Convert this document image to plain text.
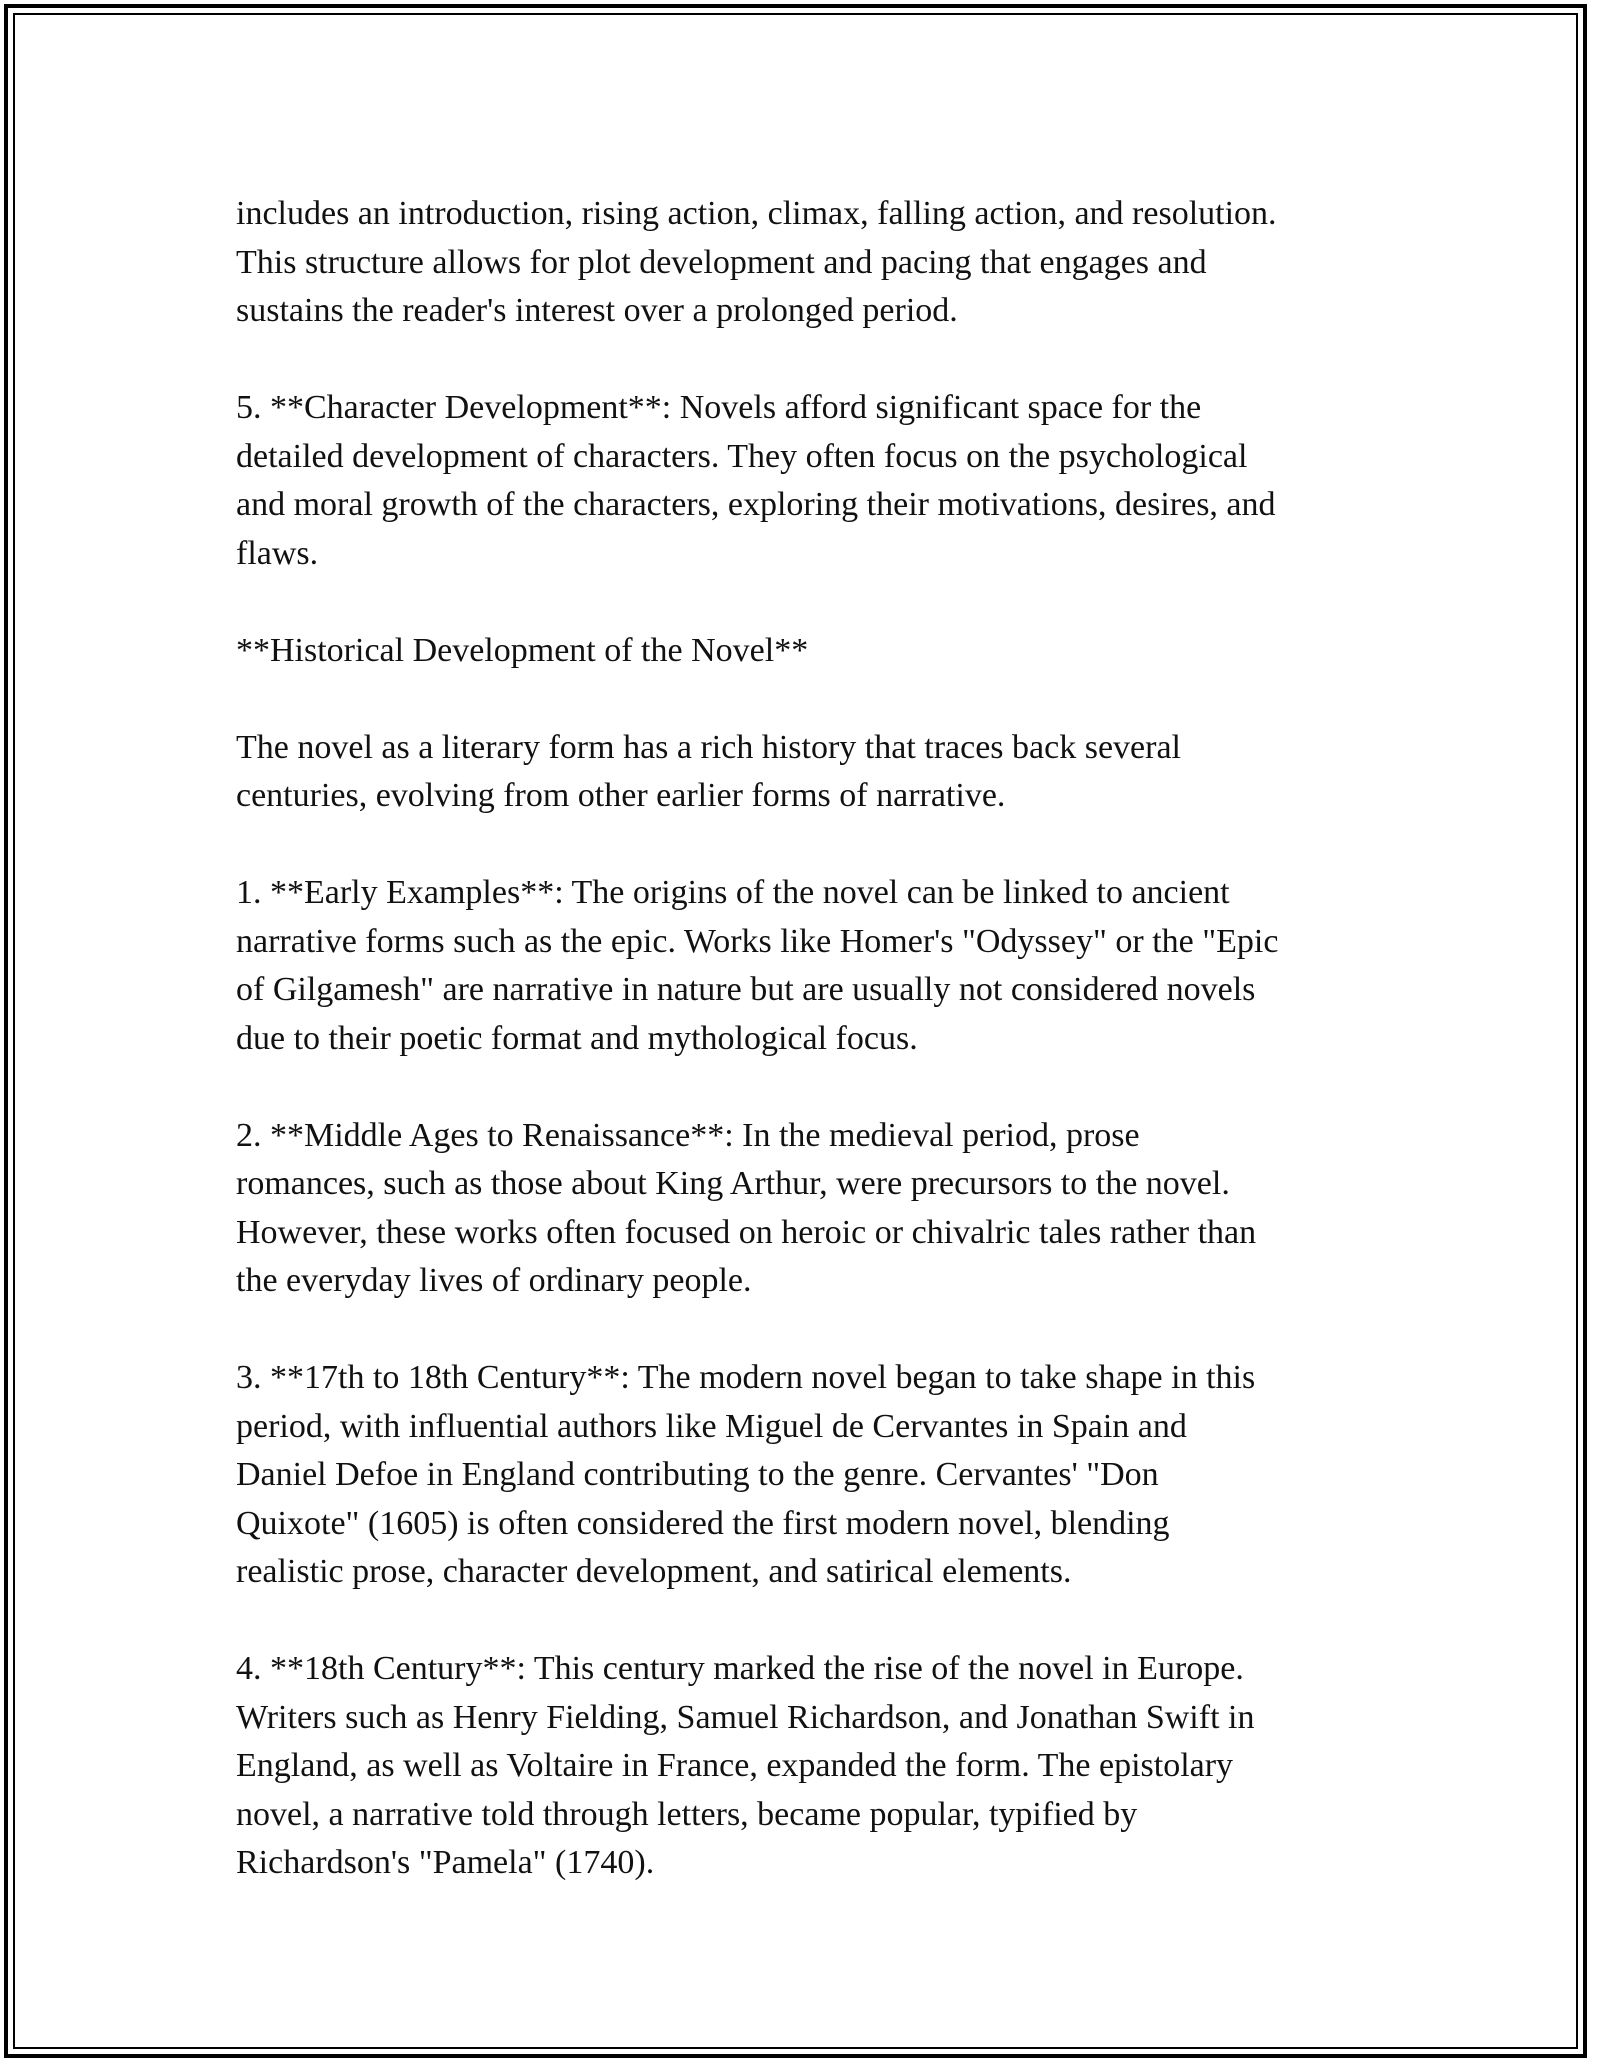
includes an introduction, rising action, climax, falling action, and resolution.
This structure allows for plot development and pacing that engages and
sustains the reader's interest over a prolonged period.

5. **Character Development**: Novels afford significant space for the
detailed development of characters. They often focus on the psychological
and moral growth of the characters, exploring their motivations, desires, and
flaws.

**Historical Development of the Novel**

The novel as a literary form has a rich history that traces back several
centuries, evolving from other earlier forms of narrative.

1. **Early Examples**: The origins of the novel can be linked to ancient
narrative forms such as the epic. Works like Homer's "Odyssey" or the "Epic
of Gilgamesh" are narrative in nature but are usually not considered novels
due to their poetic format and mythological focus.

2. **Middle Ages to Renaissance**: In the medieval period, prose
romances, such as those about King Arthur, were precursors to the novel.
However, these works often focused on heroic or chivalric tales rather than
the everyday lives of ordinary people.

3. **17th to 18th Century**: The modern novel began to take shape in this
period, with influential authors like Miguel de Cervantes in Spain and
Daniel Defoe in England contributing to the genre. Cervantes' "Don
Quixote" (1605) is often considered the first modern novel, blending
realistic prose, character development, and satirical elements.

4. **18th Century**: This century marked the rise of the novel in Europe.
Writers such as Henry Fielding, Samuel Richardson, and Jonathan Swift in
England, as well as Voltaire in France, expanded the form. The epistolary
novel, a narrative told through letters, became popular, typified by
Richardson's "Pamela" (1740).
